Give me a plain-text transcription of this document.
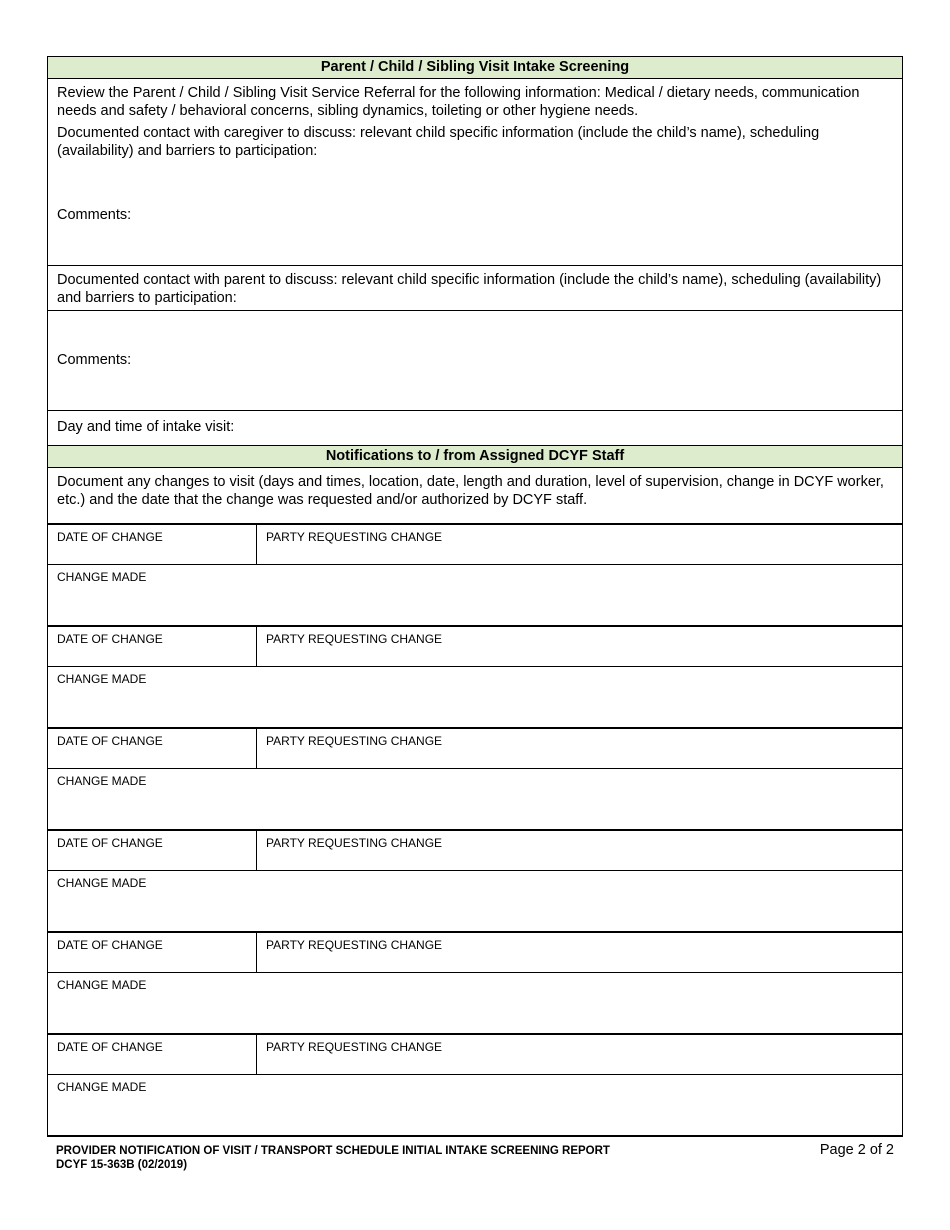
Parent / Child / Sibling Visit Intake Screening

Review the Parent / Child / Sibling Visit Service Referral for the following information: Medical / dietary needs, communication needs and safety / behavioral concerns, sibling dynamics, toileting or other hygiene needs.

Documented contact with caregiver to discuss: relevant child specific information (include the child’s name), scheduling (availability) and barriers to participation:

Comments:

Documented contact with parent to discuss: relevant child specific information (include the child’s name), scheduling (availability) and barriers to participation:

Comments:
Day and time of intake visit:
Notifications to / from Assigned DCYF Staff
Document any changes to visit (days and times, location, date, length and duration, level of supervision, change in DCYF worker, etc.) and the date that the change was requested and/or authorized by DCYF staff.
DATE OF CHANGE	PARTY REQUESTING CHANGE
CHANGE MADE
DATE OF CHANGE	PARTY REQUESTING CHANGE
CHANGE MADE
DATE OF CHANGE	PARTY REQUESTING CHANGE
CHANGE MADE
DATE OF CHANGE	PARTY REQUESTING CHANGE
CHANGE MADE
DATE OF CHANGE	PARTY REQUESTING CHANGE
CHANGE MADE
DATE OF CHANGE	PARTY REQUESTING CHANGE
CHANGE MADE
PROVIDER NOTIFICATION OF VISIT / TRANSPORT SCHEDULE INITIAL INTAKE SCREENING REPORT
DCYF 15-363B (02/2019)
Page 2 of 2
